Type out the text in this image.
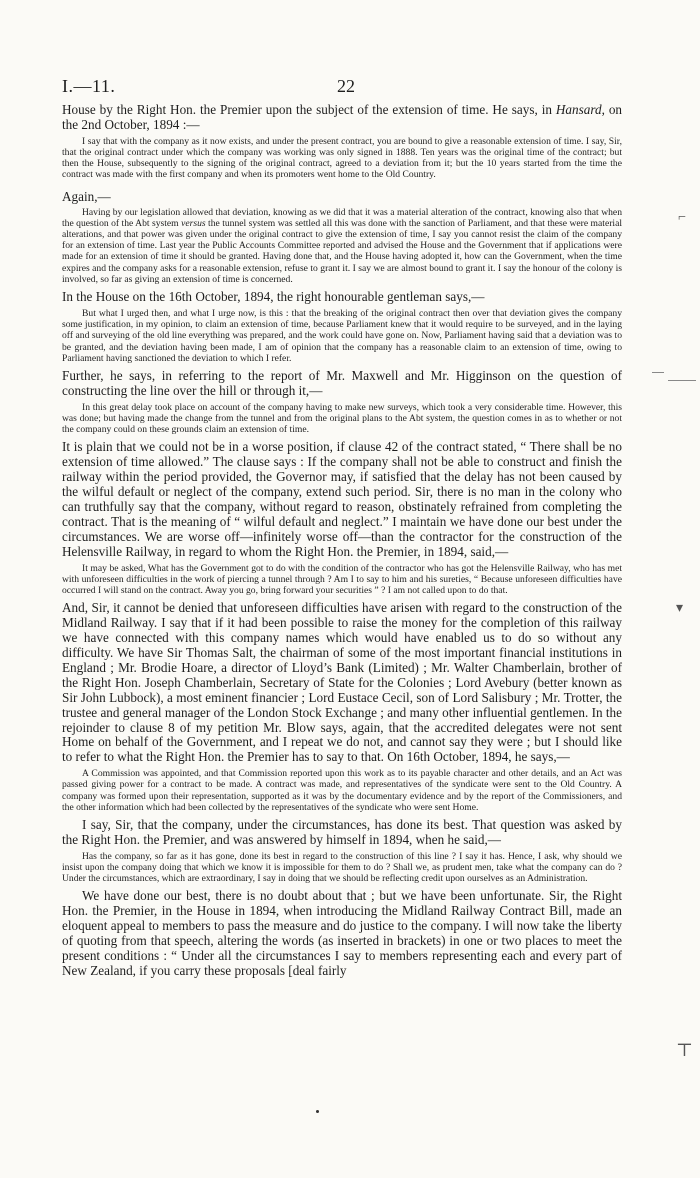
I.—11.	22

House by the Right Hon. the Premier upon the subject of the extension of time. He says, in Hansard, on the 2nd October, 1894 :—

I say that with the company as it now exists, and under the present contract, you are bound to give a reasonable extension of time. I say, Sir, that the original contract under which the company was working was only signed in 1888. Ten years was the original time of the contract; but then the House, subsequently to the signing of the original contract, agreed to a deviation from it; but the 10 years started from the time the contract was made with the first company and when its promoters went home to the Old Country.

Again,—

Having by our legislation allowed that deviation, knowing as we did that it was a material alteration of the contract, knowing also that when the question of the Abt system versus the tunnel system was settled all this was done with the sanction of Parliament, and that these were material alterations, and that power was given under the original contract to give the extension of time, I say you cannot resist the claim of the company for an extension of time. Last year the Public Accounts Committee reported and advised the House and the Government that if applications were made for an extension of time it should be granted. Having done that, and the House having adopted it, how can the Government, when the time expires and the company asks for a reasonable extension, refuse to grant it. I say we are almost bound to grant it. I say the honour of the colony is involved, so far as giving an extension of time is concerned.

In the House on the 16th October, 1894, the right honourable gentleman says,—

But what I urged then, and what I urge now, is this : that the breaking of the original contract then over that deviation gives the company some justification, in my opinion, to claim an extension of time, because Parliament knew that it would require to be surveyed, and in the laying off and surveying of the old line everything was prepared, and the work could have gone on. Now, Parliament having said that a deviation was to be granted, and the deviation having been made, I am of opinion that the company has a reasonable claim to an extension of time, owing to Parliament having sanctioned the deviation to which I refer.

Further, he says, in referring to the report of Mr. Maxwell and Mr. Higginson on the question of constructing the line over the hill or through it,—

In this great delay took place on account of the company having to make new surveys, which took a very considerable time. However, this was done; but having made the change from the tunnel and from the original plans to the Abt system, the question comes in as to whether or not the company could on these grounds claim an extension of time.

It is plain that we could not be in a worse position, if clause 42 of the contract stated, “ There shall be no extension of time allowed.” The clause says : If the company shall not be able to construct and finish the railway within the period provided, the Governor may, if satisfied that the delay has not been caused by the wilful default or neglect of the company, extend such period. Sir, there is no man in the colony who can truthfully say that the company, without regard to reason, obstinately refrained from completing the contract. That is the meaning of “ wilful default and neglect.” I maintain we have done our best under the circumstances. We are worse off—infinitely worse off—than the contractor for the construction of the Helensville Railway, in regard to whom the Right Hon. the Premier, in 1894, said,—

It may be asked, What has the Government got to do with the condition of the contractor who has got the Helensville Railway, who has met with unforeseen difficulties in the work of piercing a tunnel through ? Am I to say to him and his sureties, “ Because unforeseen difficulties have occurred I will stand on the contract. Away you go, bring forward your securities ” ? I am not called upon to do that.

And, Sir, it cannot be denied that unforeseen difficulties have arisen with regard to the construction of the Midland Railway. I say that if it had been possible to raise the money for the completion of this railway we have connected with this company names which would have enabled us to do so without any difficulty. We have Sir Thomas Salt, the chairman of some of the most important financial institutions in England ; Mr. Brodie Hoare, a director of Lloyd’s Bank (Limited) ; Mr. Walter Chamberlain, brother of the Right Hon. Joseph Chamberlain, Secretary of State for the Colonies ; Lord Avebury (better known as Sir John Lubbock), a most eminent financier ; Lord Eustace Cecil, son of Lord Salisbury ; Mr. Trotter, the trustee and general manager of the London Stock Exchange ; and many other influential gentlemen. In the rejoinder to clause 8 of my petition Mr. Blow says, again, that the accredited delegates were not sent Home on behalf of the Government, and I repeat we do not, and cannot say they were ; but I should like to refer to what the Right Hon. the Premier has to say to that. On 16th October, 1894, he says,—

A Commission was appointed, and that Commission reported upon this work as to its payable character and other details, and an Act was passed giving power for a contract to be made. A contract was made, and representatives of the syndicate were sent to the Old Country. A company was formed upon their representation, supported as it was by the documentary evidence and by the report of the Commissioners, and the other information which had been collected by the representatives of the syndicate who were sent Home.

I say, Sir, that the company, under the circumstances, has done its best. That question was asked by the Right Hon. the Premier, and was answered by himself in 1894, when he said,—

Has the company, so far as it has gone, done its best in regard to the construction of this line ? I say it has. Hence, I ask, why should we insist upon the company doing that which we know it is impossible for them to do ? Shall we, as prudent men, take what the company can do ? Under the circumstances, which are extraordinary, I say in doing that we should be reflecting credit upon ourselves as an Administration.

We have done our best, there is no doubt about that ; but we have been unfortunate. Sir, the Right Hon. the Premier, in the House in 1894, when introducing the Midland Railway Contract Bill, made an eloquent appeal to members to pass the measure and do justice to the company. I will now take the liberty of quoting from that speech, altering the words (as inserted in brackets) in one or two places to meet the present conditions : “ Under all the circumstances I say to members representing each and every part of New Zealand, if you carry these proposals [deal fairly

⌐
▾
⊤
